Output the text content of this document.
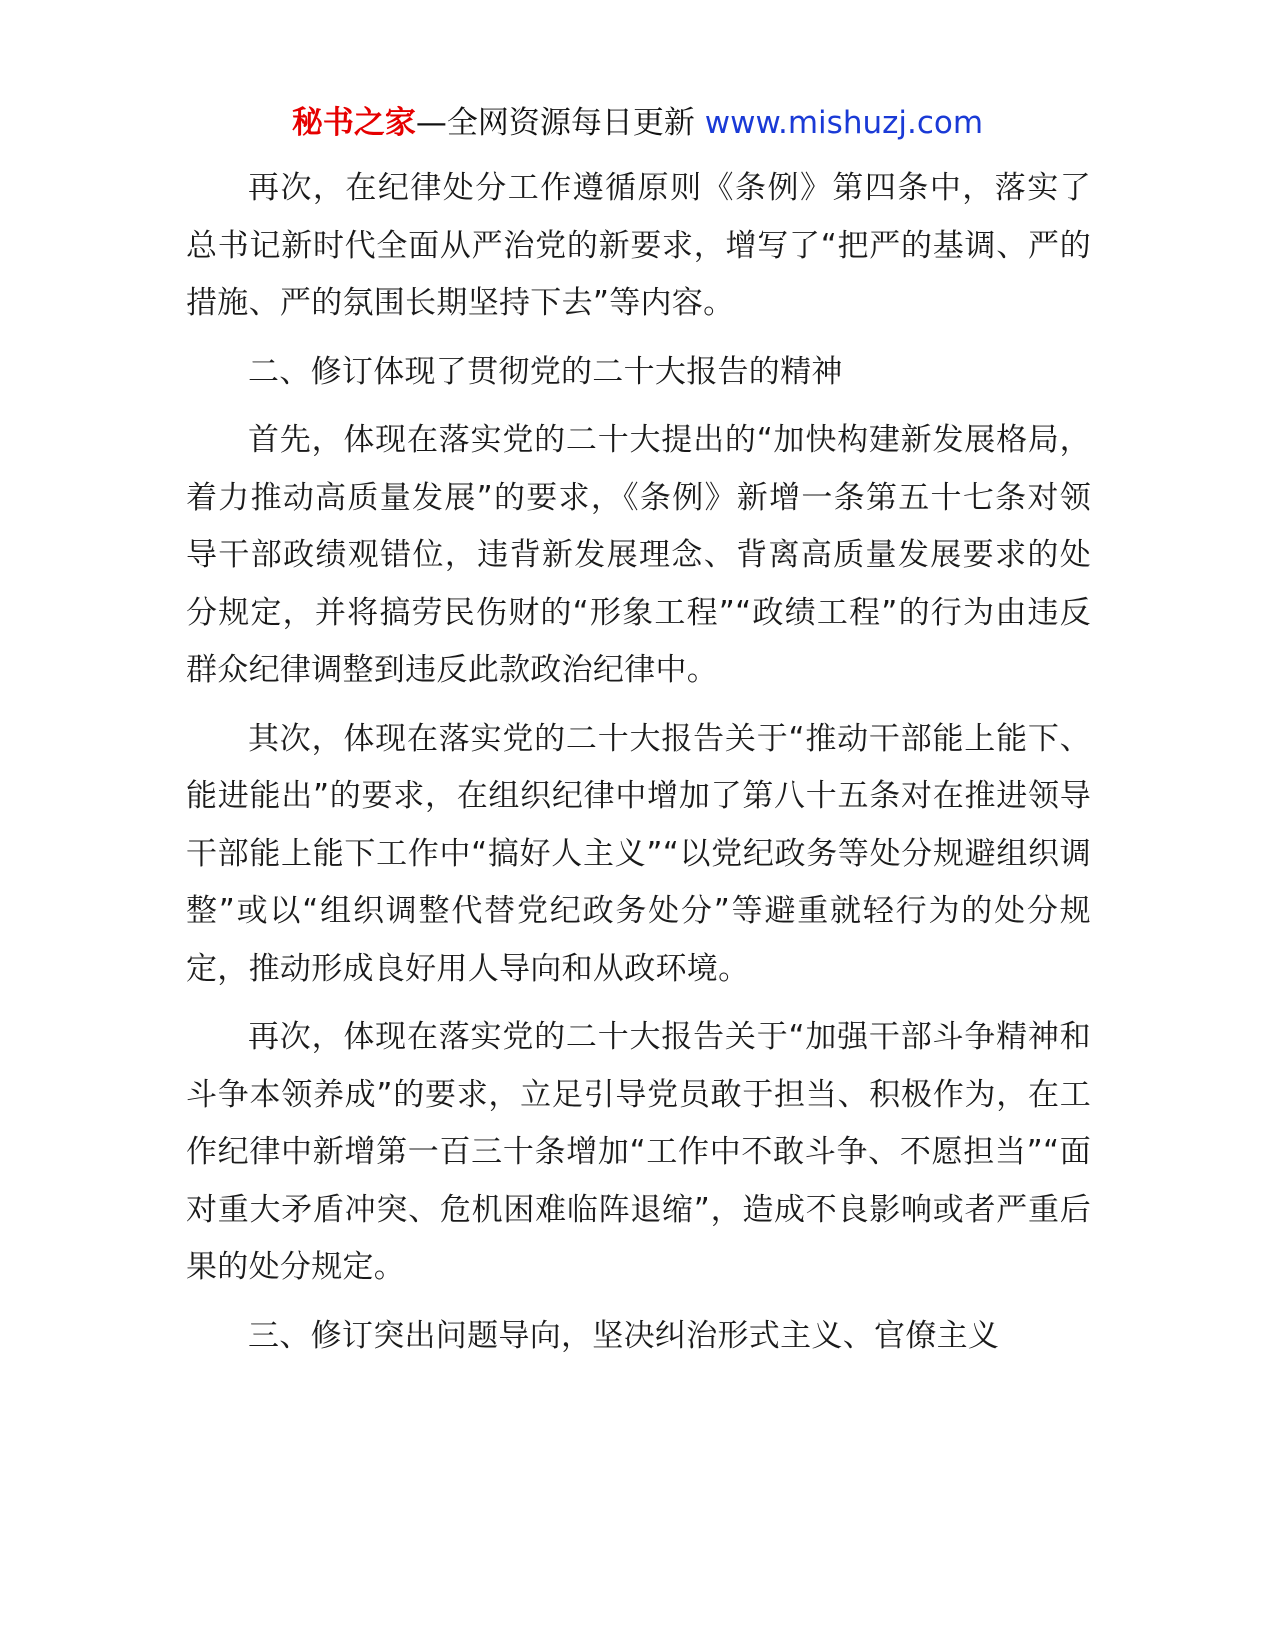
秘书之家—全网资源每日更新 www.mishuzj.com

再次，在纪律处分工作遵循原则《条例》第四条中，落实了总书记新时代全面从严治党的新要求，增写了“把严的基调、严的措施、严的氛围长期坚持下去”等内容。

二、修订体现了贯彻党的二十大报告的精神

首先，体现在落实党的二十大提出的“加快构建新发展格局，着力推动高质量发展”的要求，《条例》新增一条第五十七条对领导干部政绩观错位，违背新发展理念、背离高质量发展要求的处分规定，并将搞劳民伤财的“形象工程”“政绩工程”的行为由违反群众纪律调整到违反此款政治纪律中。

其次，体现在落实党的二十大报告关于“推动干部能上能下、能进能出”的要求，在组织纪律中增加了第八十五条对在推进领导干部能上能下工作中“搞好人主义”“以党纪政务等处分规避组织调整”或以“组织调整代替党纪政务处分”等避重就轻行为的处分规定，推动形成良好用人导向和从政环境。

再次，体现在落实党的二十大报告关于“加强干部斗争精神和斗争本领养成”的要求，立足引导党员敢于担当、积极作为，在工作纪律中新增第一百三十条增加“工作中不敢斗争、不愿担当”“面对重大矛盾冲突、危机困难临阵退缩”，造成不良影响或者严重后果的处分规定。

三、修订突出问题导向，坚决纠治形式主义、官僚主义
